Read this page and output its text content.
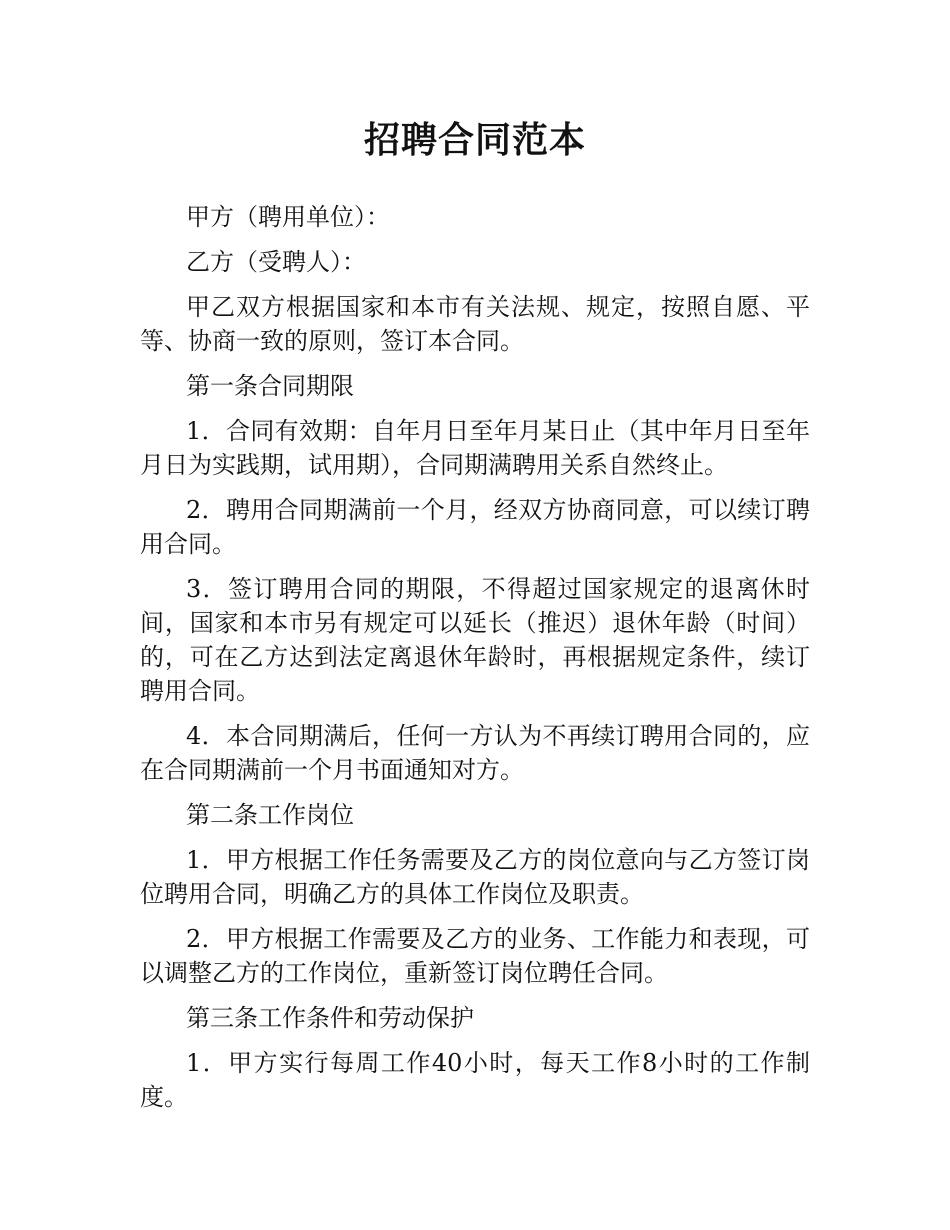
招聘合同范本

甲方（聘用单位）：

乙方（受聘人）：

甲乙双方根据国家和本市有关法规、规定，按照自愿、平等、协商一致的原则，签订本合同。

第一条合同期限

1．合同有效期：自年月日至年月某日止（其中年月日至年月日为实践期，试用期），合同期满聘用关系自然终止。

2．聘用合同期满前一个月，经双方协商同意，可以续订聘用合同。

3．签订聘用合同的期限，不得超过国家规定的退离休时间，国家和本市另有规定可以延长（推迟）退休年龄（时间）的，可在乙方达到法定离退休年龄时，再根据规定条件，续订聘用合同。

4．本合同期满后，任何一方认为不再续订聘用合同的，应在合同期满前一个月书面通知对方。

第二条工作岗位

1．甲方根据工作任务需要及乙方的岗位意向与乙方签订岗位聘用合同，明确乙方的具体工作岗位及职责。

2．甲方根据工作需要及乙方的业务、工作能力和表现，可以调整乙方的工作岗位，重新签订岗位聘任合同。

第三条工作条件和劳动保护

1．甲方实行每周工作40小时，每天工作8小时的工作制度。
